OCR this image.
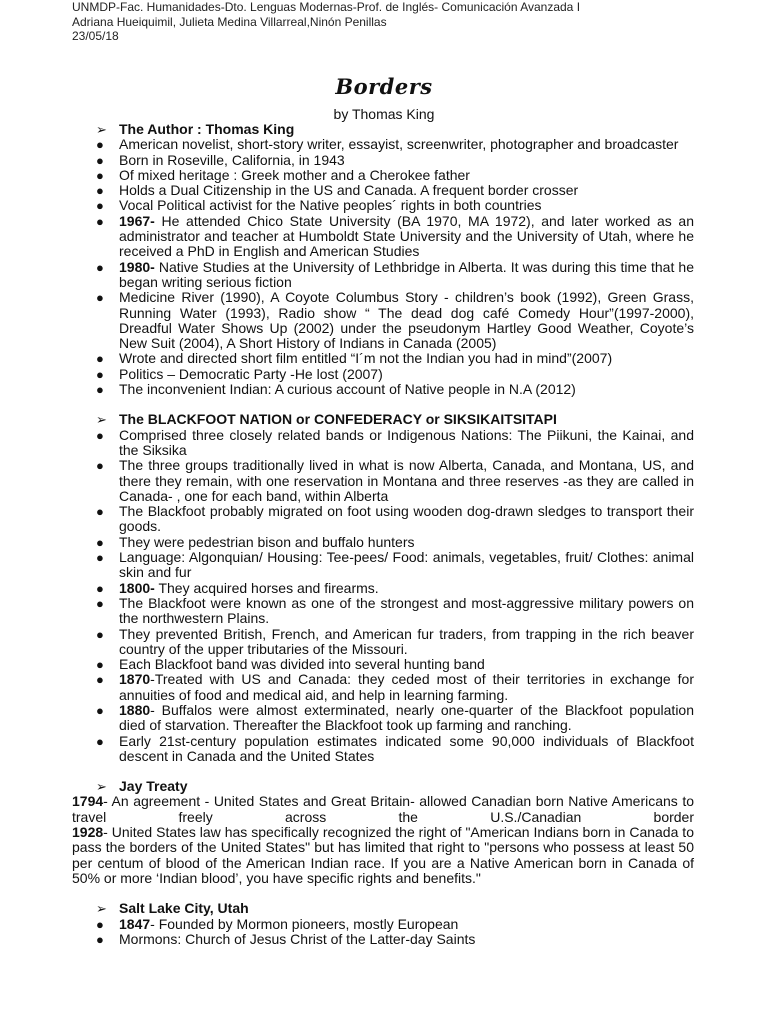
UNMDP-Fac. Humanidades-Dto. Lenguas Modernas-Prof. de Inglés- Comunicación Avanzada I
Adriana Hueiquimil, Julieta Medina Villarreal,Ninón Penillas
23/05/18
Borders
by Thomas King
➢ The Author : Thomas King
● American novelist, short-story writer, essayist, screenwriter, photographer and broadcaster
● Born in Roseville, California, in 1943
● Of mixed heritage : Greek mother and a Cherokee father
● Holds a Dual Citizenship in the US and Canada. A frequent border crosser
● Vocal Political activist for the Native peoples´ rights in both countries
● 1967- He attended Chico State University (BA 1970, MA 1972), and later worked as an administrator and teacher at Humboldt State University and the University of Utah, where he received a PhD in English and American Studies
● 1980- Native Studies at the University of Lethbridge in Alberta. It was during this time that he began writing serious fiction
● Medicine River (1990), A Coyote Columbus Story - children’s book (1992), Green Grass, Running Water (1993), Radio show “ The dead dog café Comedy Hour”(1997-2000), Dreadful Water Shows Up (2002) under the pseudonym Hartley Good Weather, Coyote’s New Suit (2004), A Short History of Indians in Canada (2005)
● Wrote and directed short film entitled “I´m not the Indian you had in mind”(2007)
● Politics – Democratic Party -He lost (2007)
● The inconvenient Indian: A curious account of Native people in N.A (2012)
➢ The BLACKFOOT NATION or CONFEDERACY or SIKSIKAITSITAPI
● Comprised three closely related bands or Indigenous Nations: The Piikuni, the Kainai, and the Siksika
● The three groups traditionally lived in what is now Alberta, Canada, and Montana, US, and there they remain, with one reservation in Montana and three reserves -as they are called in Canada- , one for each band, within Alberta
● The Blackfoot probably migrated on foot using wooden dog-drawn sledges to transport their goods.
● They were pedestrian bison and buffalo hunters
● Language: Algonquian/ Housing: Tee-pees/ Food: animals, vegetables, fruit/ Clothes: animal skin and fur
● 1800- They acquired horses and firearms.
● The Blackfoot were known as one of the strongest and most-aggressive military powers on the northwestern Plains.
● They prevented British, French, and American fur traders, from trapping in the rich beaver country of the upper tributaries of the Missouri.
● Each Blackfoot band was divided into several hunting band
● 1870-Treated with US and Canada: they ceded most of their territories in exchange for annuities of food and medical aid, and help in learning farming.
● 1880- Buffalos were almost exterminated, nearly one-quarter of the Blackfoot population died of starvation. Thereafter the Blackfoot took up farming and ranching.
● Early 21st-century population estimates indicated some 90,000 individuals of Blackfoot descent in Canada and the United States
➢ Jay Treaty
1794- An agreement - United States and Great Britain- allowed Canadian born Native Americans to travel freely across the U.S./Canadian border
1928- United States law has specifically recognized the right of "American Indians born in Canada to pass the borders of the United States" but has limited that right to "persons who possess at least 50 per centum of blood of the American Indian race. If you are a Native American born in Canada of 50% or more ‘Indian blood’, you have specific rights and benefits."
➢ Salt Lake City, Utah
● 1847- Founded by Mormon pioneers, mostly European
● Mormons: Church of Jesus Christ of the Latter-day Saints
